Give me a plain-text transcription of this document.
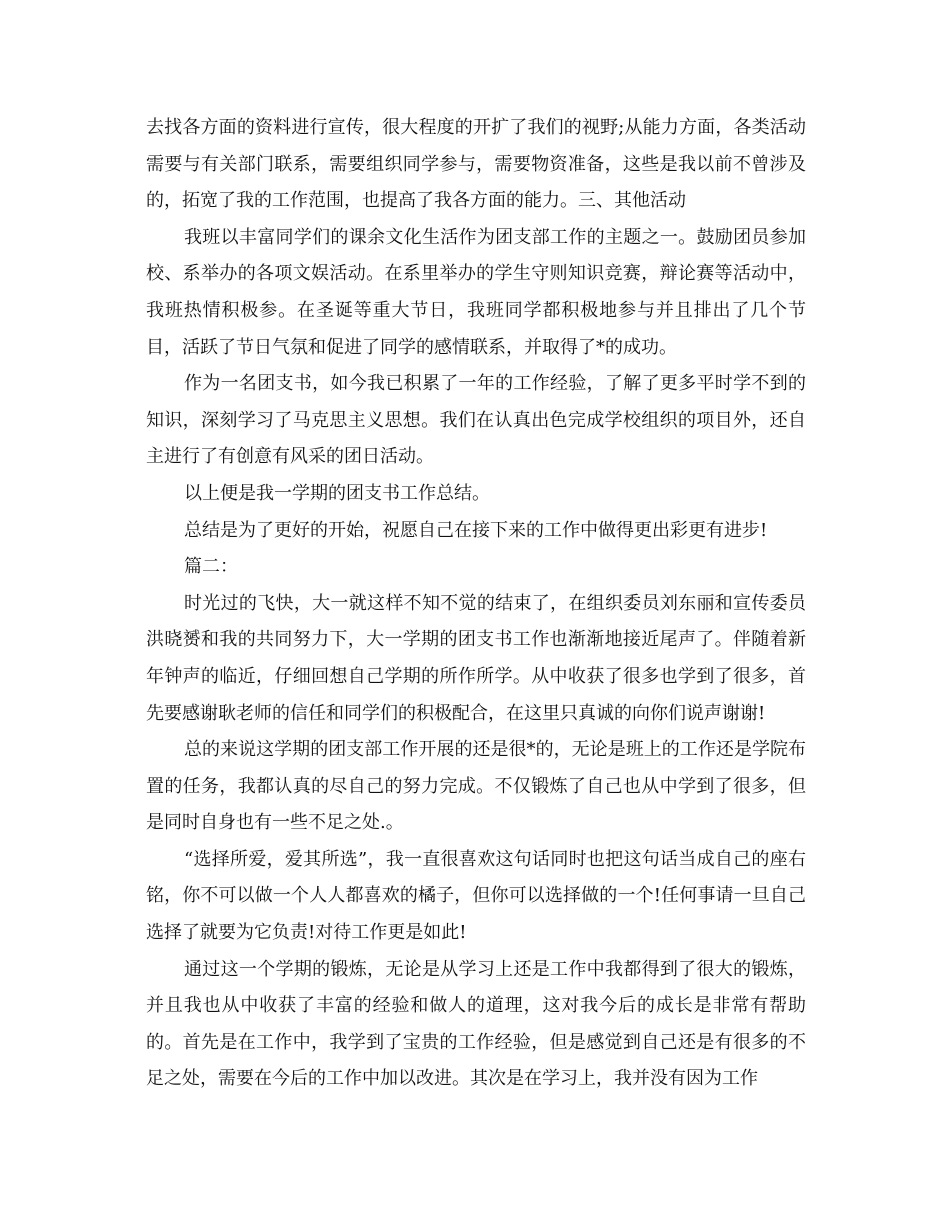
去找各方面的资料进行宣传，很大程度的开扩了我们的视野;从能力方面，各类活动需要与有关部门联系，需要组织同学参与，需要物资准备，这些是我以前不曾涉及的，拓宽了我的工作范围，也提高了我各方面的能力。三、其他活动

我班以丰富同学们的课余文化生活作为团支部工作的主题之一。鼓励团员参加校、系举办的各项文娱活动。在系里举办的学生守则知识竞赛，辩论赛等活动中，我班热情积极参。在圣诞等重大节日，我班同学都积极地参与并且排出了几个节目，活跃了节日气氛和促进了同学的感情联系，并取得了*的成功。

作为一名团支书，如今我已积累了一年的工作经验，了解了更多平时学不到的知识，深刻学习了马克思主义思想。我们在认真出色完成学校组织的项目外，还自主进行了有创意有风采的团日活动。

以上便是我一学期的团支书工作总结。

总结是为了更好的开始，祝愿自己在接下来的工作中做得更出彩更有进步!

篇二：

时光过的飞快，大一就这样不知不觉的结束了，在组织委员刘东丽和宣传委员洪晓赟和我的共同努力下，大一学期的团支书工作也渐渐地接近尾声了。伴随着新年钟声的临近，仔细回想自己学期的所作所学。从中收获了很多也学到了很多，首先要感谢耿老师的信任和同学们的积极配合，在这里只真诚的向你们说声谢谢!

总的来说这学期的团支部工作开展的还是很*的，无论是班上的工作还是学院布置的任务，我都认真的尽自己的努力完成。不仅锻炼了自己也从中学到了很多，但是同时自身也有一些不足之处.。

“选择所爱，爱其所选”，我一直很喜欢这句话同时也把这句话当成自己的座右铭，你不可以做一个人人都喜欢的橘子，但你可以选择做的一个!任何事请一旦自己选择了就要为它负责!对待工作更是如此!

通过这一个学期的锻炼，无论是从学习上还是工作中我都得到了很大的锻炼，并且我也从中收获了丰富的经验和做人的道理，这对我今后的成长是非常有帮助的。首先是在工作中，我学到了宝贵的工作经验，但是感觉到自己还是有很多的不足之处，需要在今后的工作中加以改进。其次是在学习上，我并没有因为工作
